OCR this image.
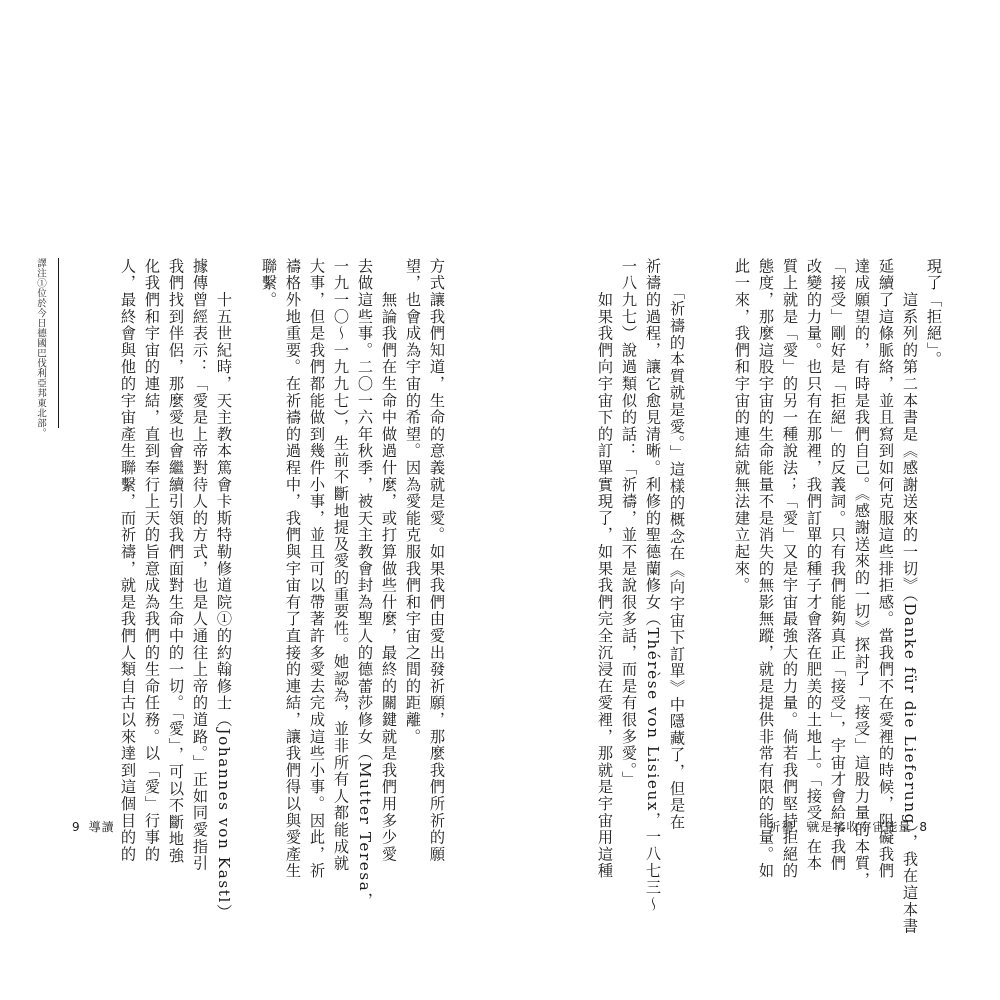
方式讓我們知道，生命的意義就是愛。如果我們由愛出發祈願，那麼我們所祈的願
望，也會成為宇宙的希望。因為愛能克服我們和宇宙之間的距離。
　　無論我們在生命中做過什麼，或打算做些什麼，最終的關鍵就是我們用多少愛
去做這些事。二〇一六年秋季，被天主教會封為聖人的德蕾莎修女（Mutter Teresa，
一九一〇～一九九七），生前不斷地提及愛的重要性。她認為，並非所有人都能成就
大事，但是我們都能做到幾件小事，並且可以帶著許多愛去完成這些小事。因此，祈
禱格外地重要。在祈禱的過程中，我們與宇宙有了直接的連結，讓我們得以與愛產生
聯繫。
　　十五世紀時，天主教本篤會卡斯特勒修道院①的約翰修士（Johannes von Kastl）
據傳曾經表示：「愛是上帝對待人的方式，也是人通往上帝的道路。」正如同愛指引
我們找到伴侶，那麼愛也會繼續引領我們面對生命中的一切。「愛」，可以不斷地強
化我們和宇宙的連結，直到奉行上天的旨意成為我們的生命任務。以「愛」行事的
人，最終會與他的宇宙產生聯繫，而祈禱，就是我們人類自古以來達到這個目的的
譯注①位於今日德國巴伐利亞邦東北部。
9 導讀
現了「拒絕」。
　　這系列的第二本書是《感謝送來的一切》（Danke für die Lieferung），我在這本書
延續了這條脈絡，並且寫到如何克服這些排拒感。當我們不在愛裡的時候，阻礙我們
達成願望的，有時是我們自己。《感謝送來的一切》探討了「接受」這股力量的本質，
「接受」剛好是「拒絕」的反義詞。只有我們能夠真正「接受」，宇宙才會給予我們
改變的力量。也只有在那裡，我們訂單的種子才會落在肥美的土地上。「接受」在本
質上就是「愛」的另一種說法；「愛」又是宇宙最強大的力量。倘若我們堅持拒絕的
態度，那麼這股宇宙的生命能量不是消失的無影無蹤，就是提供非常有限的能量。如
此一來，我們和宇宙的連結就無法建立起來。
　　「祈禱的本質就是愛。」這樣的概念在《向宇宙下訂單》中隱藏了，但是在
祈禱的過程，讓它愈見清晰。利修的聖德蘭修女（Thérèse von Lisieux，一八七三～
一八九七）說過類似的話：「祈禱，並不是說很多話，而是有很多愛。」
　　如果我們向宇宙下的訂單實現了，如果我們完全沉浸在愛裡，那就是宇宙用這種	祈禱，就是接收宇宙能量 8
